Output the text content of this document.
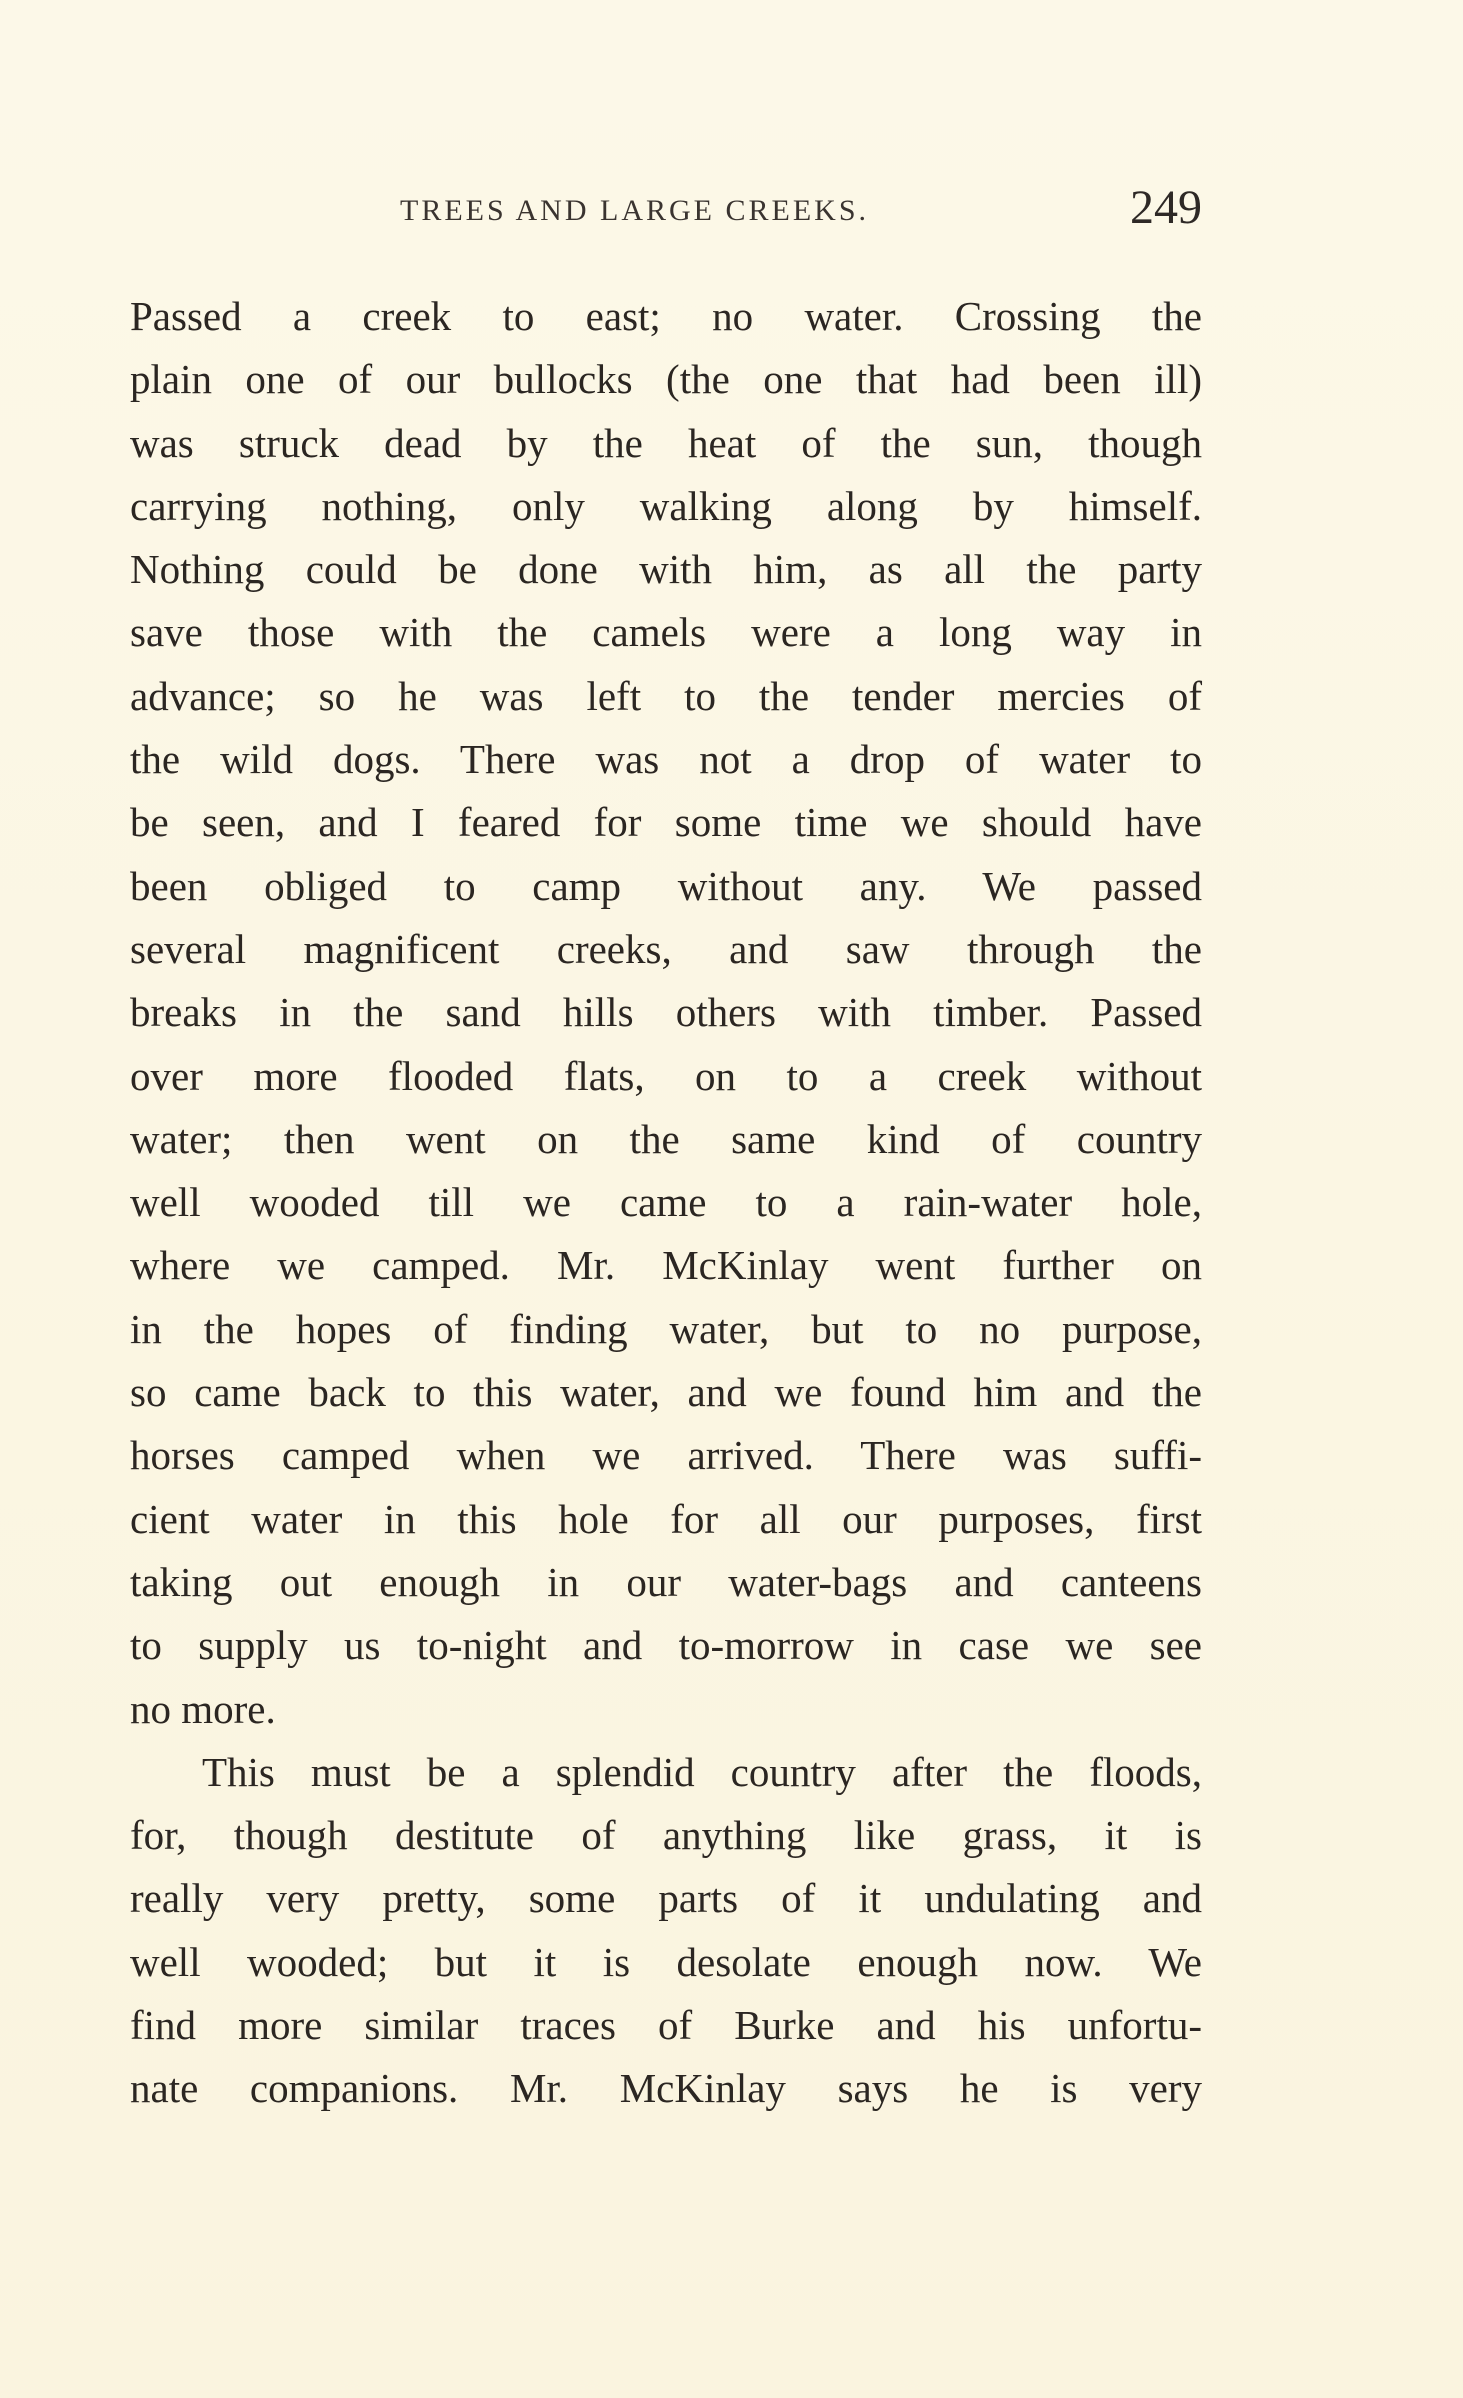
TREES AND LARGE CREEKS.	249
Passed a creek to east; no water. Crossing the
plain one of our bullocks (the one that had been ill)
was struck dead by the heat of the sun, though
carrying nothing, only walking along by himself.
Nothing could be done with him, as all the party
save those with the camels were a long way in
advance; so he was left to the tender mercies of
the wild dogs. There was not a drop of water to
be seen, and I feared for some time we should have
been obliged to camp without any. We passed
several magnificent creeks, and saw through the
breaks in the sand hills others with timber. Passed
over more flooded flats, on to a creek without
water; then went on the same kind of country
well wooded till we came to a rain-water hole,
where we camped. Mr. McKinlay went further on
in the hopes of finding water, but to no purpose,
so came back to this water, and we found him and the
horses camped when we arrived. There was suffi-
cient water in this hole for all our purposes, first
taking out enough in our water-bags and canteens
to supply us to-night and to-morrow in case we see
no more.
This must be a splendid country after the floods,
for, though destitute of anything like grass, it is
really very pretty, some parts of it undulating and
well wooded; but it is desolate enough now. We
find more similar traces of Burke and his unfortu-
nate companions. Mr. McKinlay says he is very
